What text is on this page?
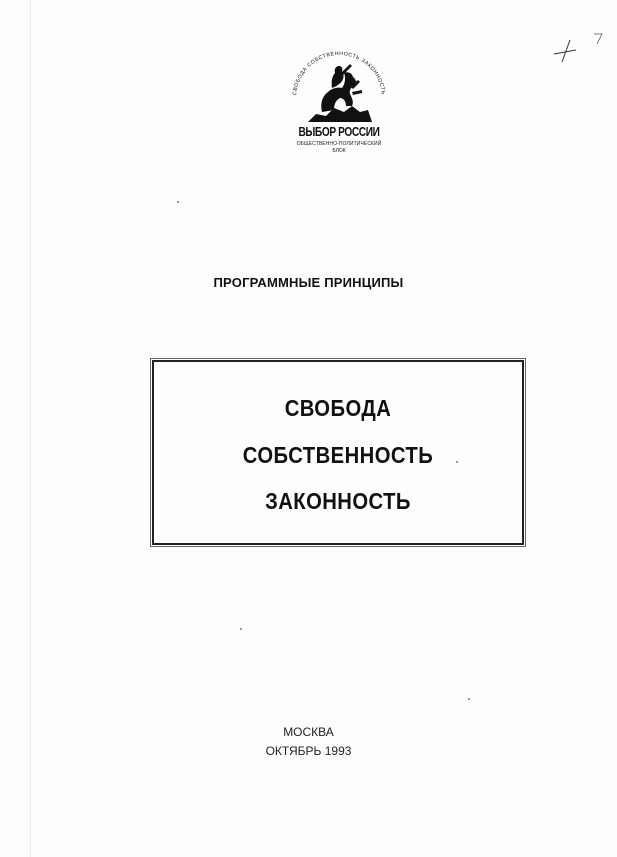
СВОБОДА СОБСТВЕННОСТЬ ЗАКОННОСТЬ
ВЫБОР РОССИИ
ОБЩЕСТВЕННО-ПОЛИТИЧЕСКИЙ
БЛОК
ПРОГРАММНЫЕ ПРИНЦИПЫ
СВОБОДА
СОБСТВЕННОСТЬ
ЗАКОННОСТЬ
МОСКВА
ОКТЯБРЬ 1993
